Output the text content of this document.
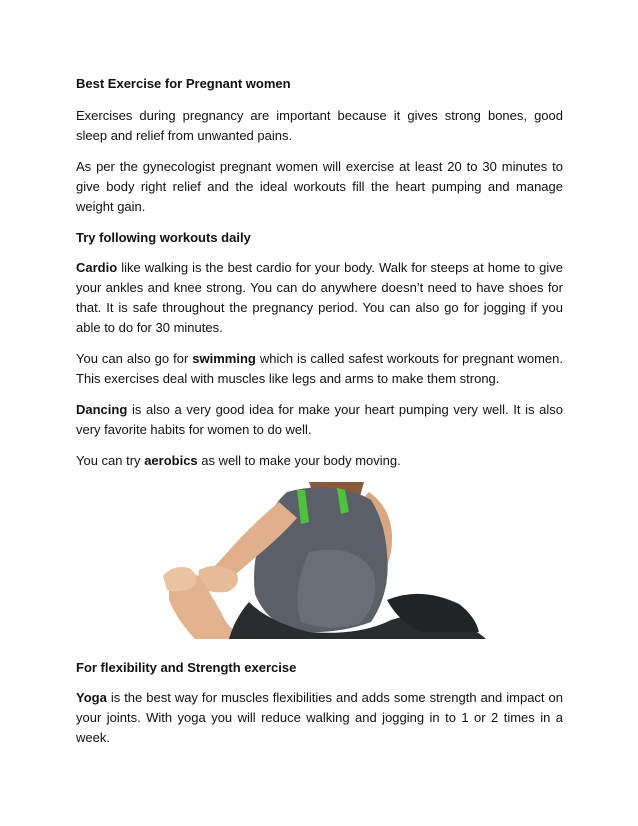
Best Exercise for Pregnant women

Exercises during pregnancy are important because it gives strong bones, good sleep and relief from unwanted pains.

As per the gynecologist pregnant women will exercise at least 20 to 30 minutes to give body right relief and the ideal workouts fill the heart pumping and manage weight gain.

Try following workouts daily

Cardio like walking is the best cardio for your body. Walk for steeps at home to give your ankles and knee strong. You can do anywhere doesn’t need to have shoes for that. It is safe throughout the pregnancy period. You can also go for jogging if you able to do for 30 minutes.

You can also go for swimming which is called safest workouts for pregnant women. This exercises deal with muscles like legs and arms to make them strong.

Dancing is also a very good idea for make your heart pumping very well. It is also very favorite habits for women to do well.

You can try aerobics as well to make your body moving.

For flexibility and Strength exercise

Yoga is the best way for muscles flexibilities and adds some strength and impact on your joints. With yoga you will reduce walking and jogging in to 1 or 2 times in a week.
